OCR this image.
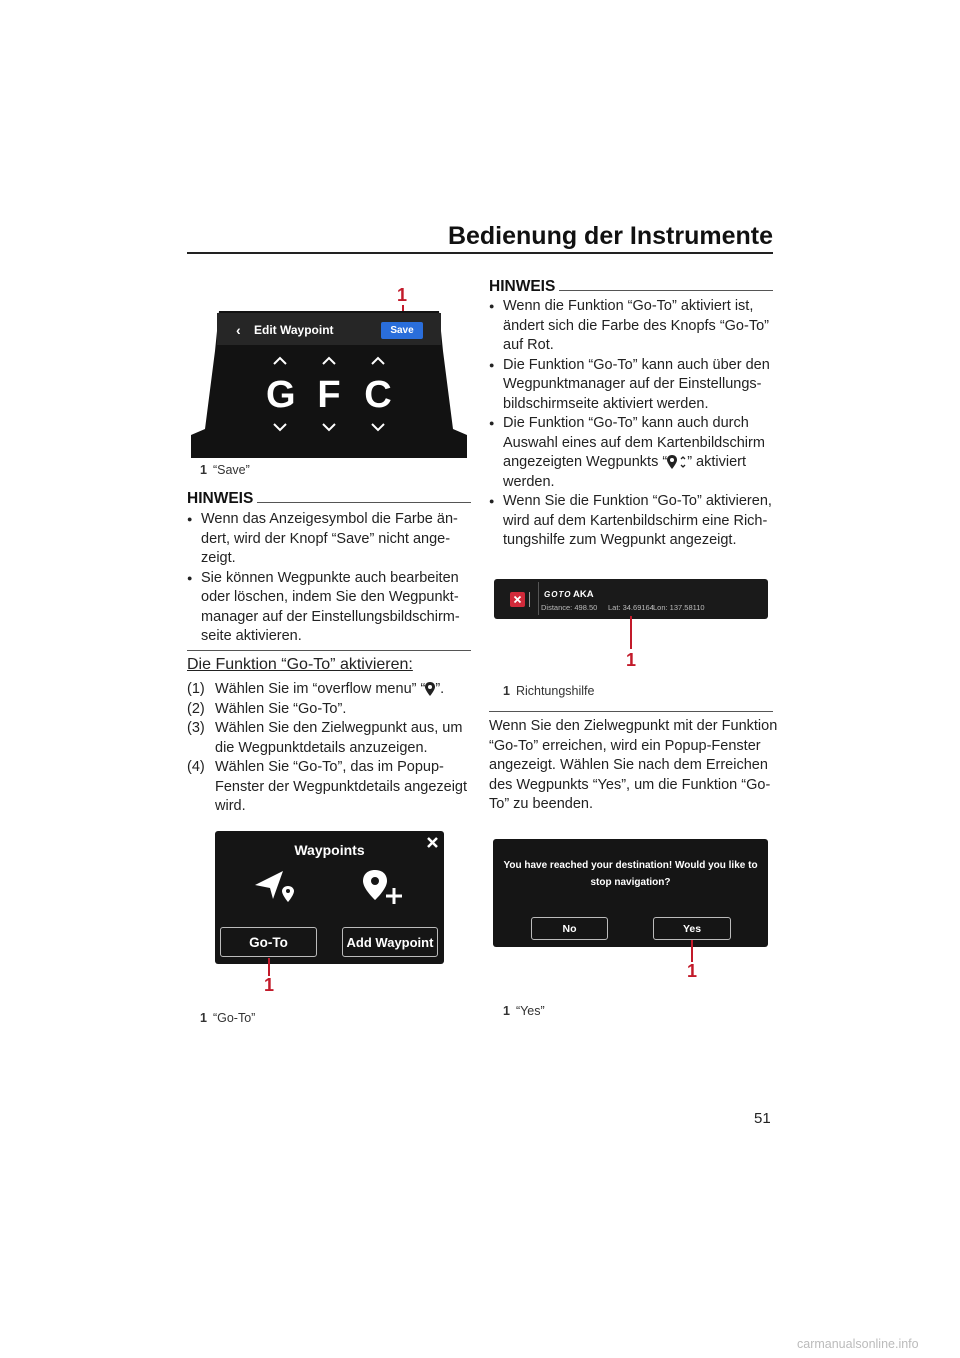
Bedienung der Instrumente
1
‹ Edit Waypoint	Save
G F C
1 “Save”
HINWEIS
● Wenn das Anzeigesymbol die Farbe än-
dert, wird der Knopf “Save” nicht ange-
zeigt.
● Sie können Wegpunkte auch bearbeiten
oder löschen, indem Sie den Wegpunkt-
manager auf der Einstellungsbildschirm-
seite aktivieren.
Die Funktion “Go-To” aktivieren:
(1) Wählen Sie im “overflow menu” “ ”.
(2) Wählen Sie “Go-To”.
(3) Wählen Sie den Zielwegpunkt aus, um
die Wegpunktdetails anzuzeigen.
(4) Wählen Sie “Go-To”, das im Popup-
Fenster der Wegpunktdetails angezeigt
wird.
Waypoints
Go-To	Add Waypoint
1
1 “Go-To”
HINWEIS
● Wenn die Funktion “Go-To” aktiviert ist,
ändert sich die Farbe des Knopfs “Go-To”
auf Rot.
● Die Funktion “Go-To” kann auch über den
Wegpunktmanager auf der Einstellungs-
bildschirmseite aktiviert werden.
● Die Funktion “Go-To” kann auch durch
Auswahl eines auf dem Kartenbildschirm
angezeigten Wegpunkts “ ” aktiviert
werden.
● Wenn Sie die Funktion “Go-To” aktivieren,
wird auf dem Kartenbildschirm eine Rich-
tungshilfe zum Wegpunkt angezeigt.
GOTO AKA
Distance: 498.50 Lat: 34.69164 Lon: 137.58110
1
1 Richtungshilfe
Wenn Sie den Zielwegpunkt mit der Funktion
“Go-To” erreichen, wird ein Popup-Fenster
angezeigt. Wählen Sie nach dem Erreichen
des Wegpunkts “Yes”, um die Funktion “Go-
To” zu beenden.
You have reached your destination! Would you like to
stop navigation?
No	Yes
1
1 “Yes”
51
carmanualsonline.info
